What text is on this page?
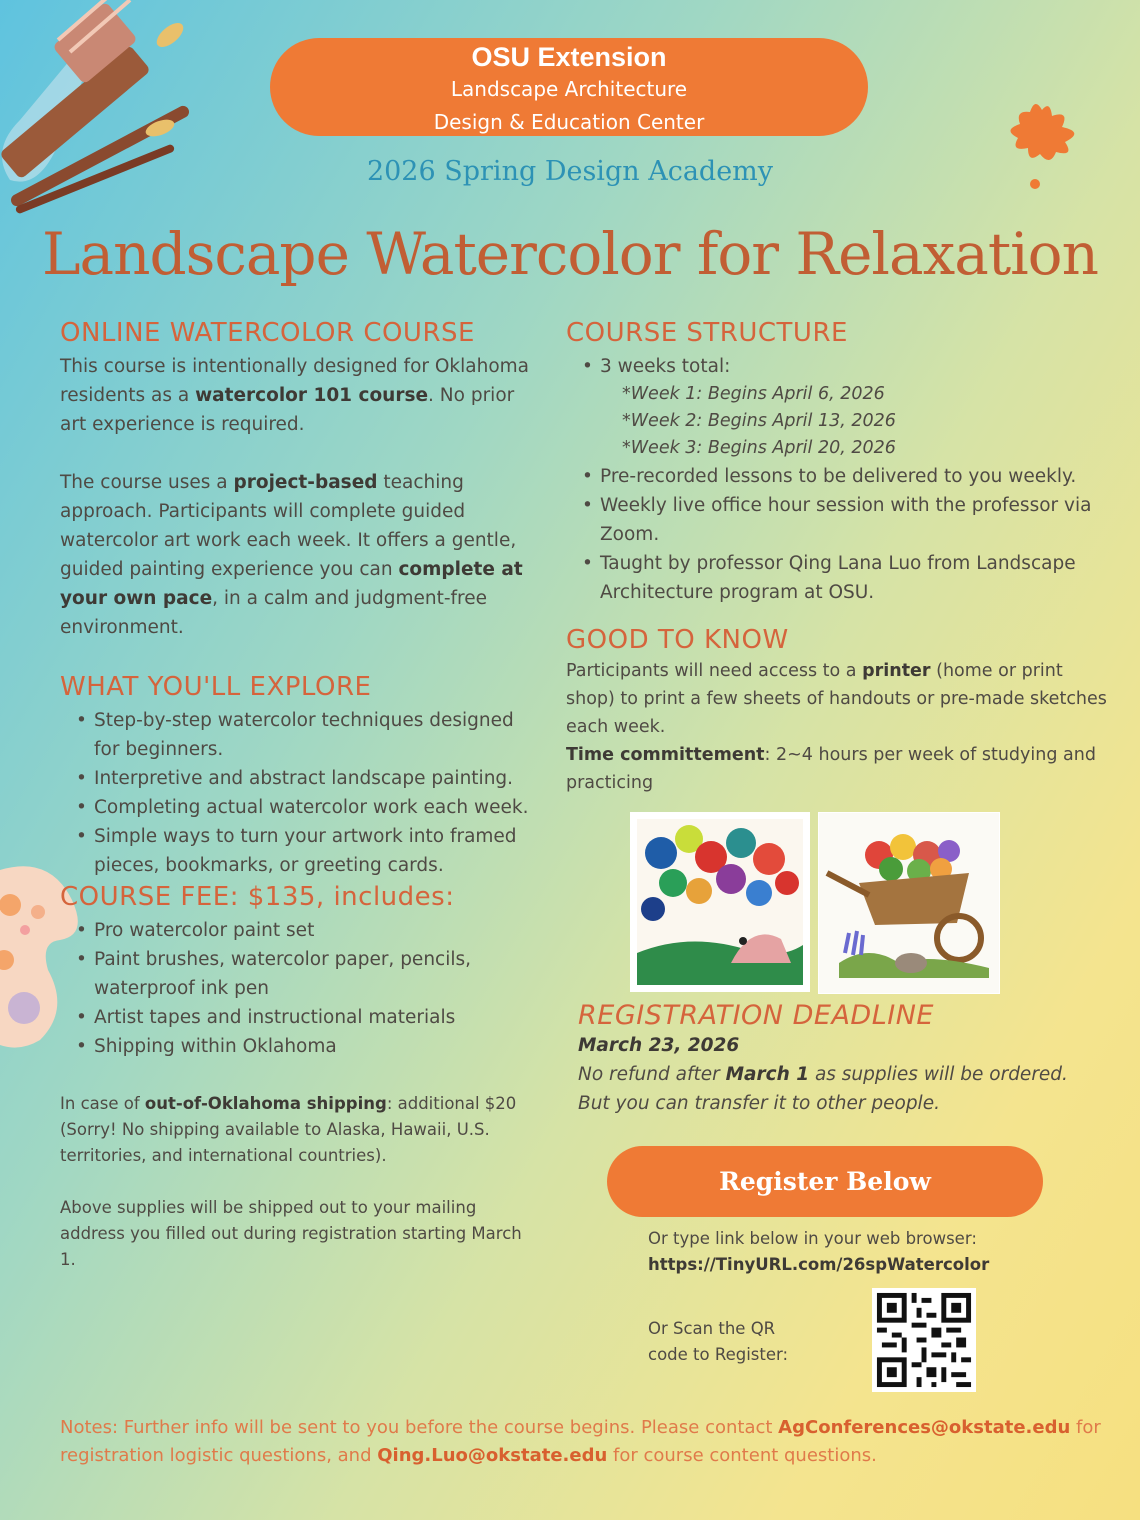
OSU Extension
Landscape Architecture
Design & Education Center
2026 Spring Design Academy
Landscape Watercolor for Relaxation
ONLINE WATERCOLOR COURSE

This course is intentionally designed for Oklahoma residents as a watercolor 101 course. No prior art experience is required.

The course uses a project-based teaching approach. Participants will complete guided watercolor art work each week. It offers a gentle, guided painting experience you can complete at your own pace, in a calm and judgment-free environment.

WHAT YOU'LL EXPLORE
• Step-by-step watercolor techniques designed for beginners.
• Interpretive and abstract landscape painting.
• Completing actual watercolor work each week.
• Simple ways to turn your artwork into framed pieces, bookmarks, or greeting cards.
COURSE FEE: $135, includes:
• Pro watercolor paint set
• Paint brushes, watercolor paper, pencils, waterproof ink pen
• Artist tapes and instructional materials
• Shipping within Oklahoma

In case of out-of-Oklahoma shipping: additional $20 (Sorry! No shipping available to Alaska, Hawaii, U.S. territories, and international countries).

Above supplies will be shipped out to your mailing address you filled out during registration starting March 1.

COURSE STRUCTURE
• 3 weeks total:
*Week 1: Begins April 6, 2026
*Week 2: Begins April 13, 2026
*Week 3: Begins April 20, 2026
• Pre-recorded lessons to be delivered to you weekly.
• Weekly live office hour session with the professor via Zoom.
• Taught by professor Qing Lana Luo from Landscape Architecture program at OSU.
GOOD TO KNOW

Participants will need access to a printer (home or print shop) to print a few sheets of handouts or pre-made sketches each week.

Time committement: 2~4 hours per week of studying and practicing

REGISTRATION DEADLINE
March 23, 2026
No refund after March 1 as supplies will be ordered.
But you can transfer it to other people.
Register Below
Or type link below in your web browser:
https://TinyURL.com/26spWatercolor
Or Scan the QR
code to Register:
Notes: Further info will be sent to you before the course begins. Please contact AgConferences@okstate.edu for registration logistic questions, and Qing.Luo@okstate.edu for course content questions.
